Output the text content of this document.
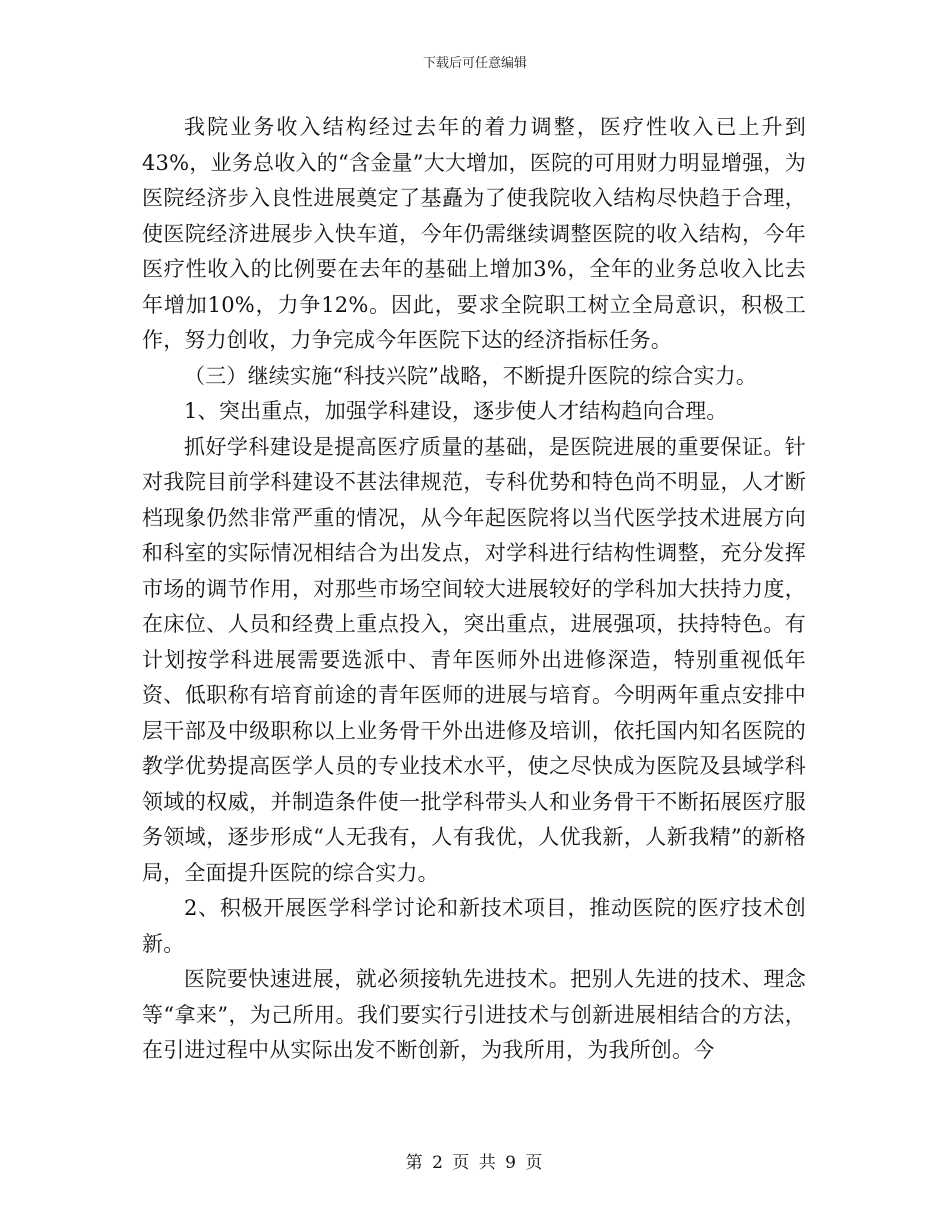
下载后可任意编辑

我院业务收入结构经过去年的着力调整，医疗性收入已上升到43%，业务总收入的“含金量”大大增加，医院的可用财力明显增强，为医院经济步入良性进展奠定了基矗为了使我院收入结构尽快趋于合理，使医院经济进展步入快车道，今年仍需继续调整医院的收入结构，今年医疗性收入的比例要在去年的基础上增加3%，全年的业务总收入比去年增加10%，力争12%。因此，要求全院职工树立全局意识，积极工作，努力创收，力争完成今年医院下达的经济指标任务。

（三）继续实施“科技兴院”战略，不断提升医院的综合实力。

1、突出重点，加强学科建设，逐步使人才结构趋向合理。

抓好学科建设是提高医疗质量的基础，是医院进展的重要保证。针对我院目前学科建设不甚法律规范，专科优势和特色尚不明显，人才断档现象仍然非常严重的情况，从今年起医院将以当代医学技术进展方向和科室的实际情况相结合为出发点，对学科进行结构性调整，充分发挥市场的调节作用，对那些市场空间较大进展较好的学科加大扶持力度，在床位、人员和经费上重点投入，突出重点，进展强项，扶持特色。有计划按学科进展需要选派中、青年医师外出进修深造，特别重视低年资、低职称有培育前途的青年医师的进展与培育。今明两年重点安排中层干部及中级职称以上业务骨干外出进修及培训，依托国内知名医院的教学优势提高医学人员的专业技术水平，使之尽快成为医院及县域学科领域的权威，并制造条件使一批学科带头人和业务骨干不断拓展医疗服务领域，逐步形成“人无我有，人有我优，人优我新，人新我精”的新格局，全面提升医院的综合实力。

2、积极开展医学科学讨论和新技术项目，推动医院的医疗技术创新。

医院要快速进展，就必须接轨先进技术。把别人先进的技术、理念等“拿来”，为己所用。我们要实行引进技术与创新进展相结合的方法，在引进过程中从实际出发不断创新，为我所用，为我所创。今

第 2 页 共 9 页
